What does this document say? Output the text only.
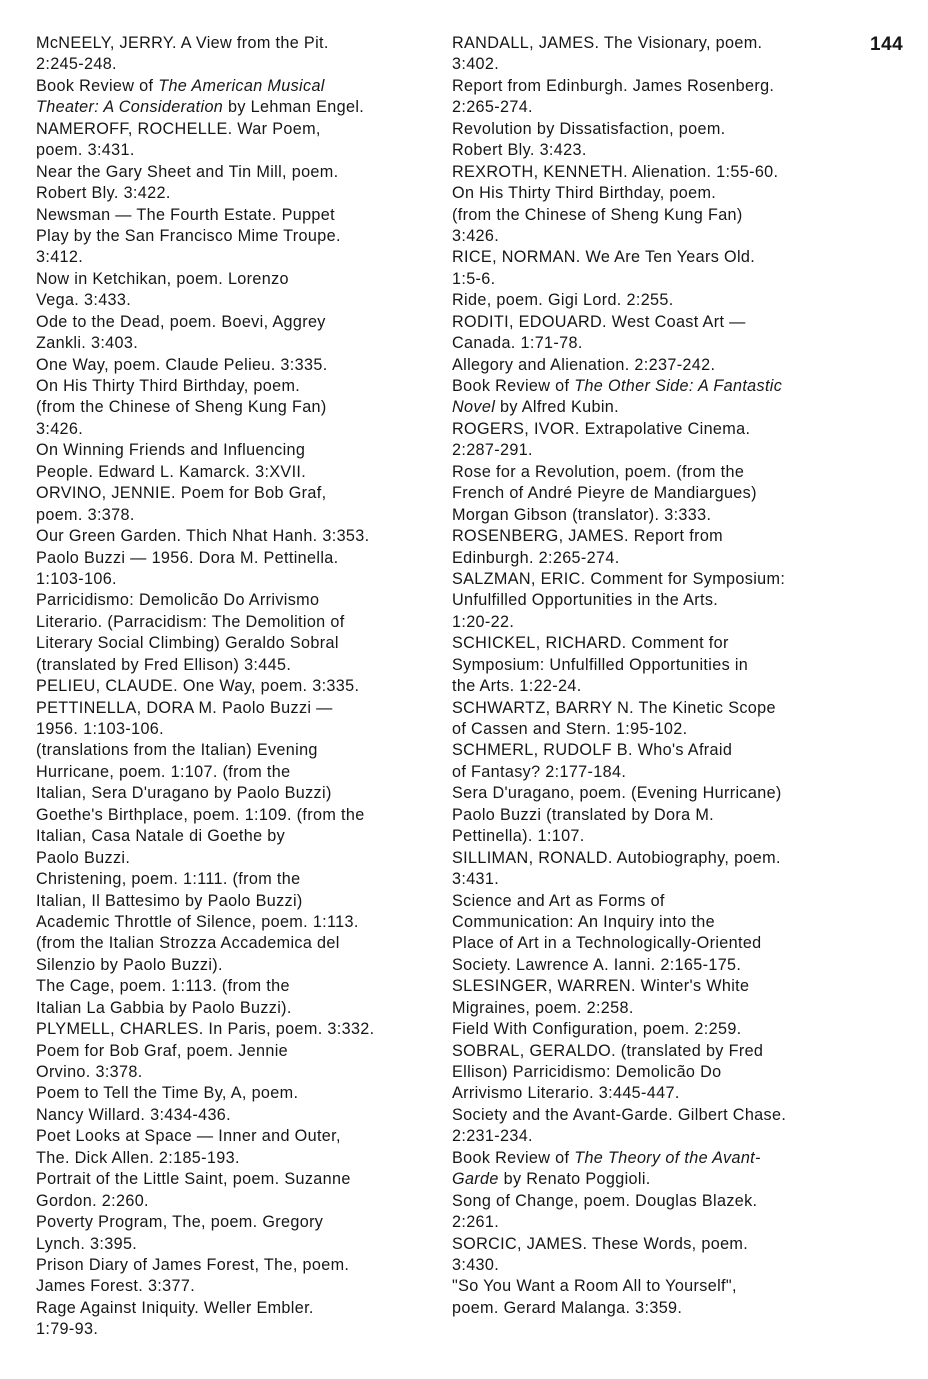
144
McNEELY, JERRY. A View from the Pit.
2:245-248.
Book Review of The American Musical
Theater: A Consideration by Lehman Engel.
NAMEROFF, ROCHELLE. War Poem,
poem. 3:431.
Near the Gary Sheet and Tin Mill, poem.
Robert Bly. 3:422.
Newsman — The Fourth Estate. Puppet
Play by the San Francisco Mime Troupe.
3:412.
Now in Ketchikan, poem. Lorenzo
Vega. 3:433.
Ode to the Dead, poem. Boevi, Aggrey
Zankli. 3:403.
One Way, poem. Claude Pelieu. 3:335.
On His Thirty Third Birthday, poem.
(from the Chinese of Sheng Kung Fan)
3:426.
On Winning Friends and Influencing
People. Edward L. Kamarck. 3:XVII.
ORVINO, JENNIE. Poem for Bob Graf,
poem. 3:378.
Our Green Garden. Thich Nhat Hanh. 3:353.
Paolo Buzzi — 1956. Dora M. Pettinella.
1:103-106.
Parricidismo: Demolicão Do Arrivismo
Literario. (Parracidism: The Demolition of
Literary Social Climbing) Geraldo Sobral
(translated by Fred Ellison) 3:445.
PELIEU, CLAUDE. One Way, poem. 3:335.
PETTINELLA, DORA M. Paolo Buzzi —
1956. 1:103-106.
(translations from the Italian) Evening
Hurricane, poem. 1:107. (from the
Italian, Sera D'uragano by Paolo Buzzi)
Goethe's Birthplace, poem. 1:109. (from the
Italian, Casa Natale di Goethe by
Paolo Buzzi.
Christening, poem. 1:111. (from the
Italian, Il Battesimo by Paolo Buzzi)
Academic Throttle of Silence, poem. 1:113.
(from the Italian Strozza Accademica del
Silenzio by Paolo Buzzi).
The Cage, poem. 1:113. (from the
Italian La Gabbia by Paolo Buzzi).
PLYMELL, CHARLES. In Paris, poem. 3:332.
Poem for Bob Graf, poem. Jennie
Orvino. 3:378.
Poem to Tell the Time By, A, poem.
Nancy Willard. 3:434-436.
Poet Looks at Space — Inner and Outer,
The. Dick Allen. 2:185-193.
Portrait of the Little Saint, poem. Suzanne
Gordon. 2:260.
Poverty Program, The, poem. Gregory
Lynch. 3:395.
Prison Diary of James Forest, The, poem.
James Forest. 3:377.
Rage Against Iniquity. Weller Embler.
1:79-93.
RANDALL, JAMES. The Visionary, poem.
3:402.
Report from Edinburgh. James Rosenberg.
2:265-274.
Revolution by Dissatisfaction, poem.
Robert Bly. 3:423.
REXROTH, KENNETH. Alienation. 1:55-60.
On His Thirty Third Birthday, poem.
(from the Chinese of Sheng Kung Fan)
3:426.
RICE, NORMAN. We Are Ten Years Old.
1:5-6.
Ride, poem. Gigi Lord. 2:255.
RODITI, EDOUARD. West Coast Art —
Canada. 1:71-78.
Allegory and Alienation. 2:237-242.
Book Review of The Other Side: A Fantastic
Novel by Alfred Kubin.
ROGERS, IVOR. Extrapolative Cinema.
2:287-291.
Rose for a Revolution, poem. (from the
French of André Pieyre de Mandiargues)
Morgan Gibson (translator). 3:333.
ROSENBERG, JAMES. Report from
Edinburgh. 2:265-274.
SALZMAN, ERIC. Comment for Symposium:
Unfulfilled Opportunities in the Arts.
1:20-22.
SCHICKEL, RICHARD. Comment for
Symposium: Unfulfilled Opportunities in
the Arts. 1:22-24.
SCHWARTZ, BARRY N. The Kinetic Scope
of Cassen and Stern. 1:95-102.
SCHMERL, RUDOLF B. Who's Afraid
of Fantasy? 2:177-184.
Sera D'uragano, poem. (Evening Hurricane)
Paolo Buzzi (translated by Dora M.
Pettinella). 1:107.
SILLIMAN, RONALD. Autobiography, poem.
3:431.
Science and Art as Forms of
Communication: An Inquiry into the
Place of Art in a Technologically-Oriented
Society. Lawrence A. Ianni. 2:165-175.
SLESINGER, WARREN. Winter's White
Migraines, poem. 2:258.
Field With Configuration, poem. 2:259.
SOBRAL, GERALDO. (translated by Fred
Ellison) Parricidismo: Demolicão Do
Arrivismo Literario. 3:445-447.
Society and the Avant-Garde. Gilbert Chase.
2:231-234.
Book Review of The Theory of the Avant-
Garde by Renato Poggioli.
Song of Change, poem. Douglas Blazek.
2:261.
SORCIC, JAMES. These Words, poem.
3:430.
"So You Want a Room All to Yourself",
poem. Gerard Malanga. 3:359.
